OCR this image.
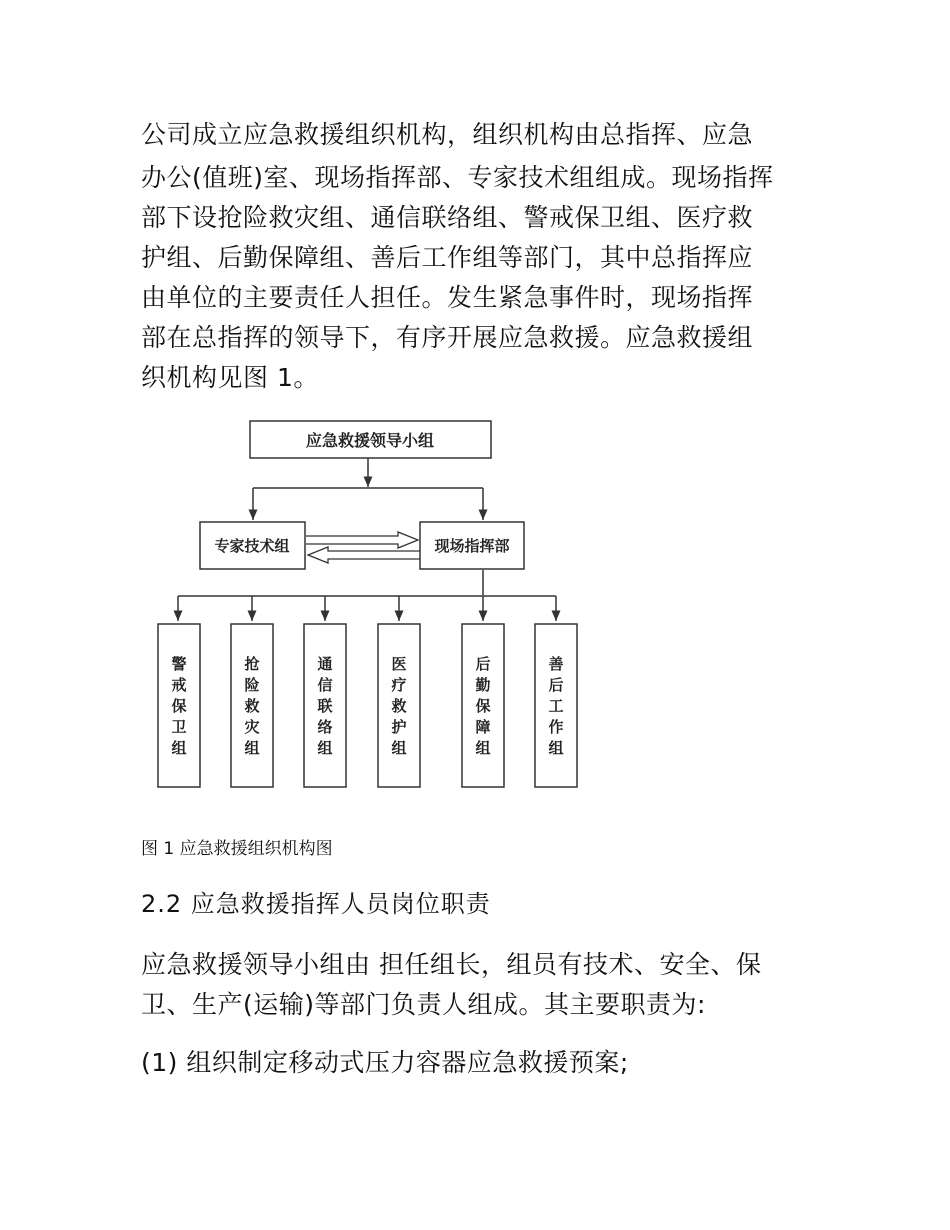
公司成立应急救援组织机构，组织机构由总指挥、应急
办公(值班)室、现场指挥部、专家技术组组成。现场指挥
部下设抢险救灾组、通信联络组、警戒保卫组、医疗救
护组、后勤保障组、善后工作组等部门，其中总指挥应
由单位的主要责任人担任。发生紧急事件时，现场指挥
部在总指挥的领导下，有序开展应急救援。应急救援组
织机构见图 1。
应急救援领导小组
专家技术组	现场指挥部
警戒保卫组
抢险救灾组
通信联络组
医疗救护组
后勤保障组
善后工作组
图 1 应急救援组织机构图
2.2 应急救援指挥人员岗位职责
应急救援领导小组由 担任组长，组员有技术、安全、保
卫、生产(运输)等部门负责人组成。其主要职责为:
(1) 组织制定移动式压力容器应急救援预案;
